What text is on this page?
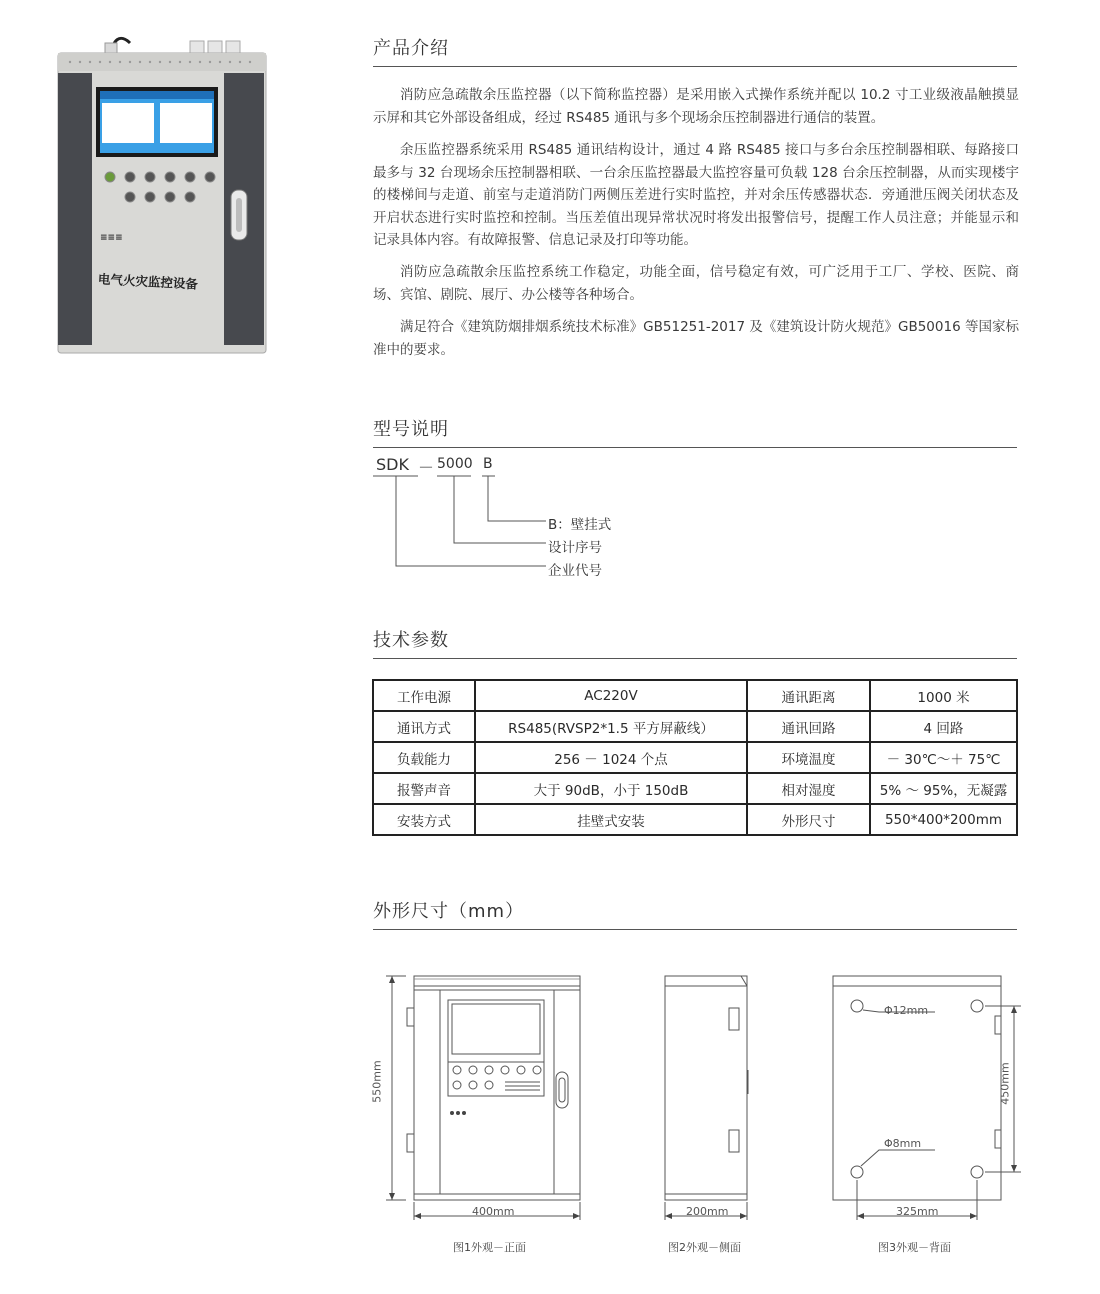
≡≡≡
电气火灾监控设备
产品介绍

消防应急疏散余压监控器（以下简称监控器）是采用嵌入式操作系统并配以 10.2 寸工业级液晶触摸显示屏和其它外部设备组成，经过 RS485 通讯与多个现场余压控制器进行通信的装置。

余压监控器系统采用 RS485 通讯结构设计，通过 4 路 RS485 接口与多台余压控制器相联、每路接口最多与 32 台现场余压控制器相联、一台余压监控器最大监控容量可负载 128 台余压控制器，从而实现楼宇的楼梯间与走道、前室与走道消防门两侧压差进行实时监控，并对余压传感器状态．旁通泄压阀关闭状态及开启状态进行实时监控和控制。当压差值出现异常状况时将发出报警信号，提醒工作人员注意；并能显示和记录具体内容。有故障报警、信息记录及打印等功能。

消防应急疏散余压监控系统工作稳定，功能全面，信号稳定有效，可广泛用于工厂、学校、医院、商场、宾馆、剧院、展厅、办公楼等各种场合。

满足符合《建筑防烟排烟系统技术标准》GB51251-2017 及《建筑设计防火规范》GB50016 等国家标准中的要求。

型号说明
SDK － 5000 B
B：壁挂式
设计序号
企业代号
技术参数
工作电源	AC220V	通讯距离	1000 米
通讯方式	RS485(RVSP2*1.5 平方屏蔽线）	通讯回路	4 回路
负载能力	256 － 1024 个点	环境温度	－ 30℃～＋ 75℃
报警声音	大于 90dB，小于 150dB	相对湿度	5% ～ 95%，无凝露
安装方式	挂壁式安装	外形尺寸	550*400*200mm
外形尺寸（mm）
550mm
400mm
图1外观－正面
200mm
图2外观－侧面
Φ12mm
Φ8mm
450mm
325mm
图3外观－背面
